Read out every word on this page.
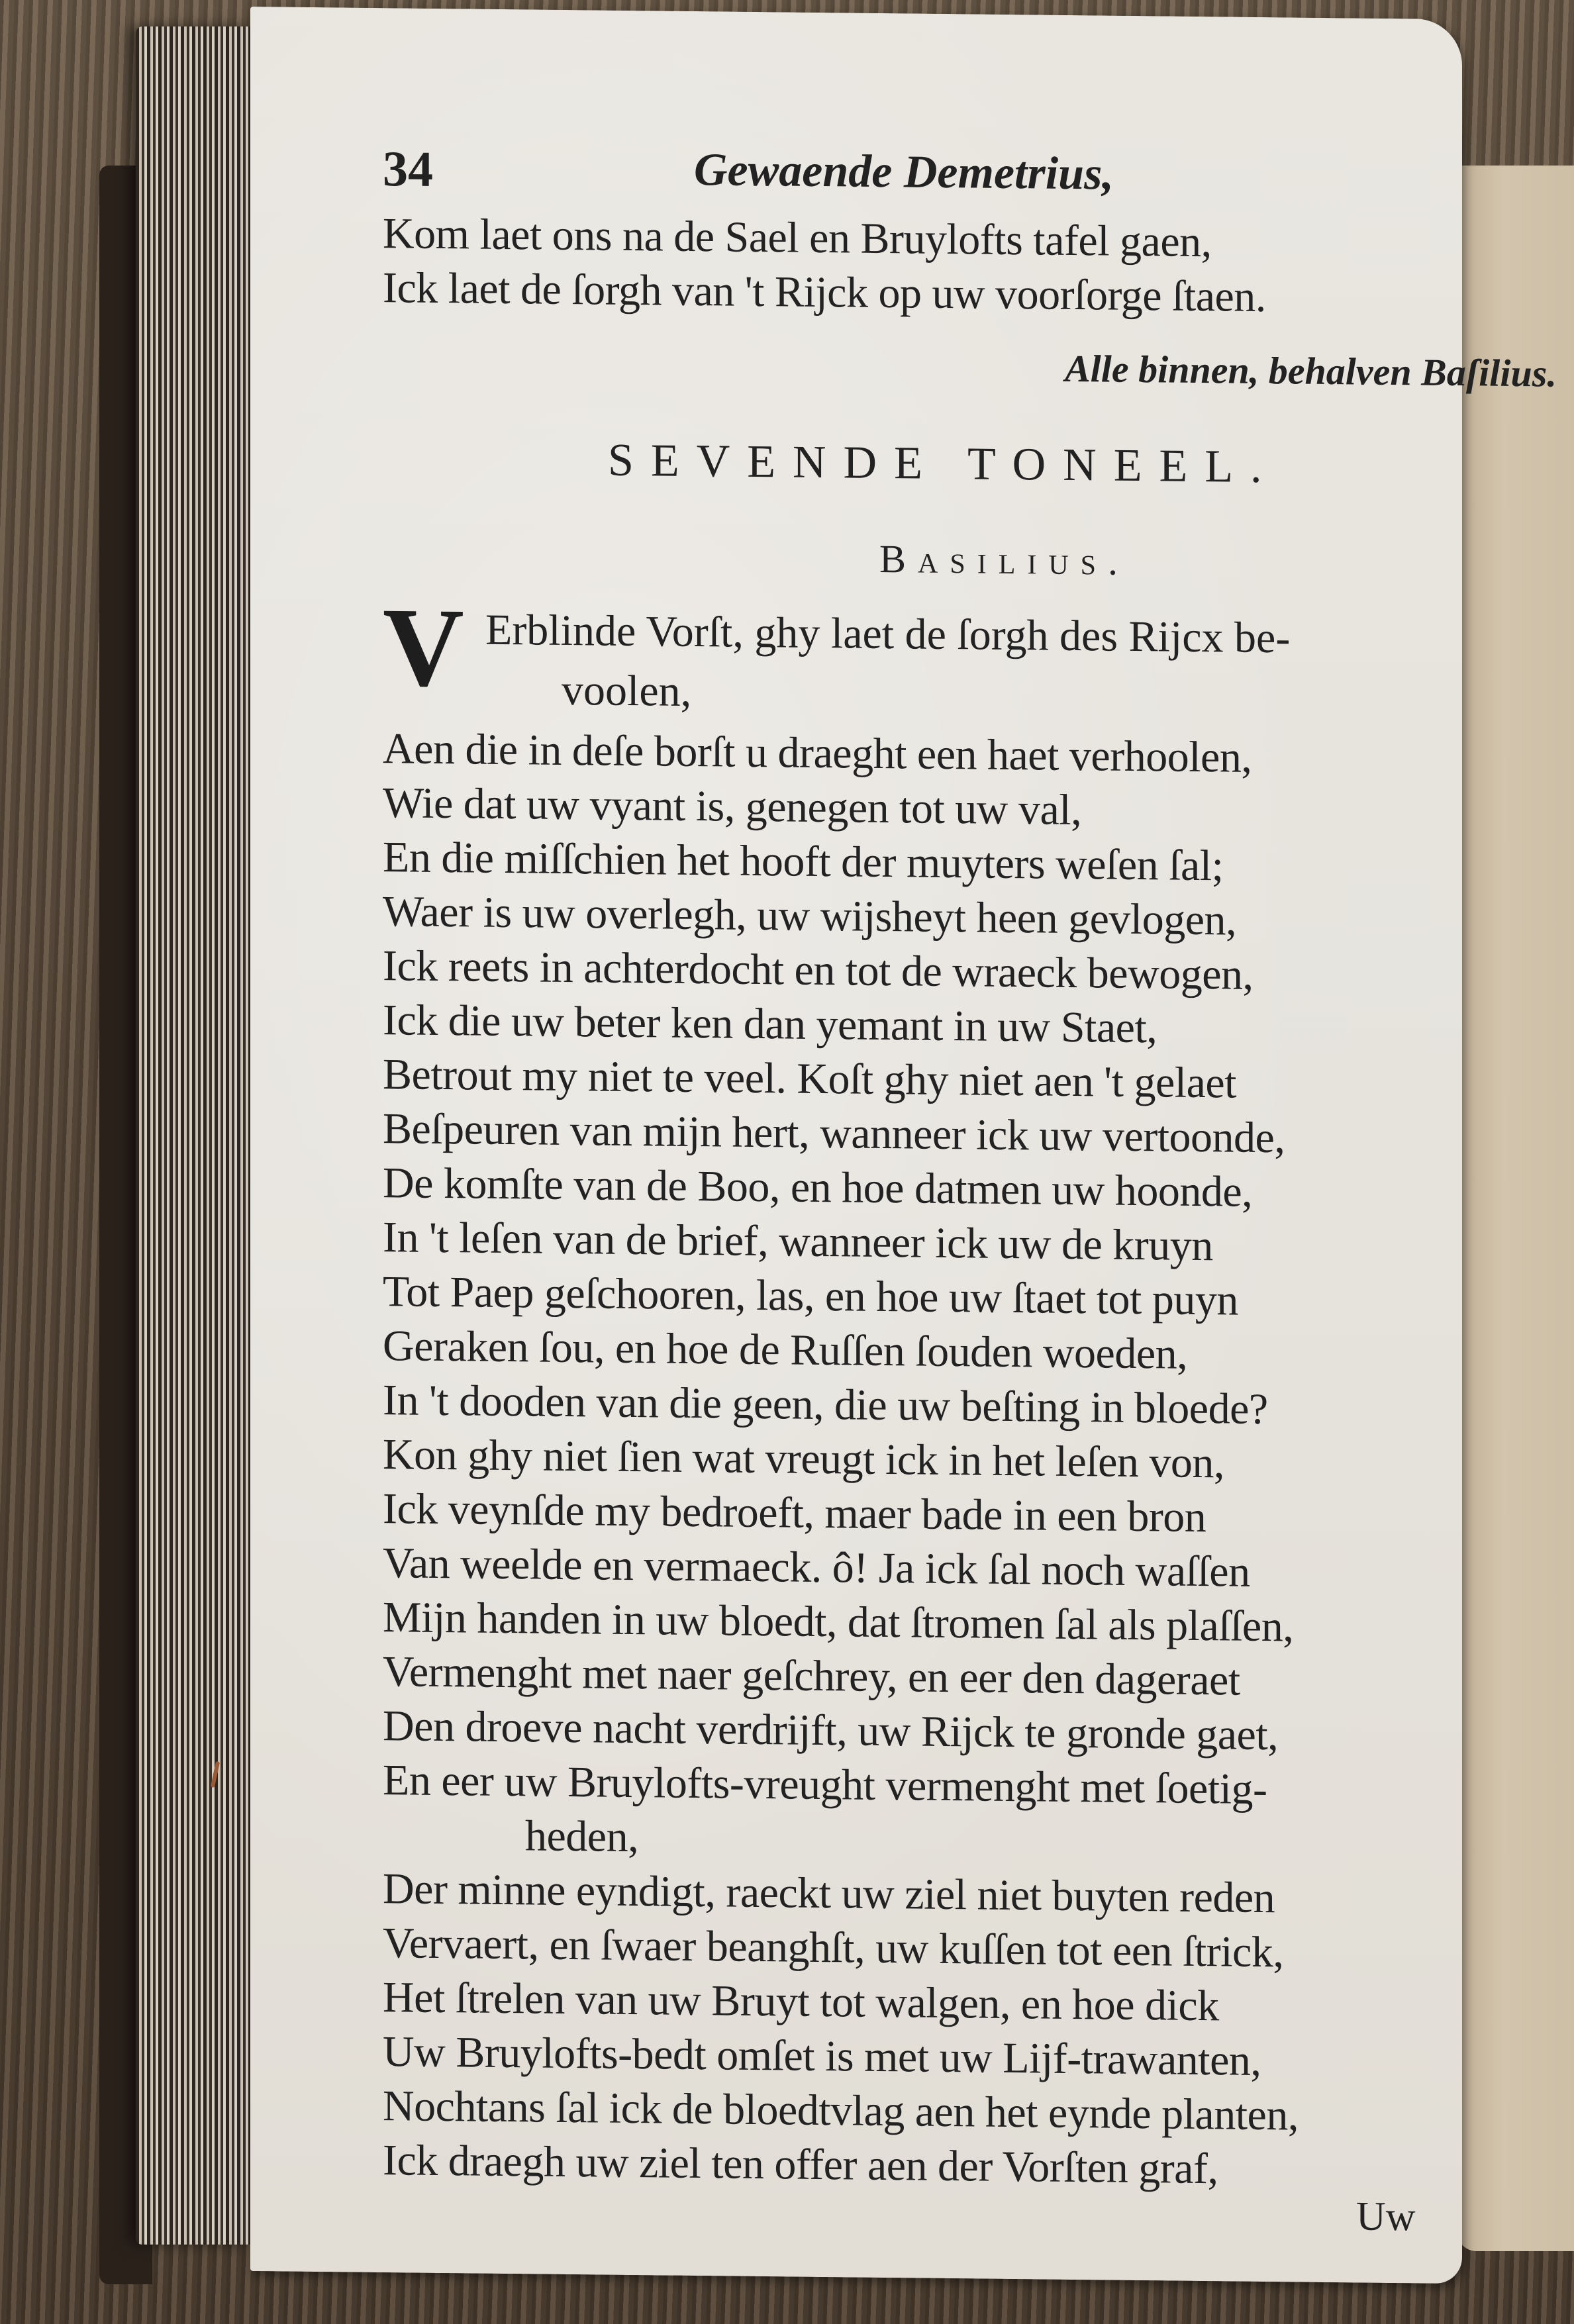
34	Gewaende Demetrius,
Kom laet ons na de Sael en Bruylofts tafel gaen,
Ick laet de ſorgh van 't Rijck op uw voorſorge ſtaen.
Alle binnen, behalven Baſilius.
SEVENDE TONEEL.
Basilius.
V Erblinde Vorſt, ghy laet de ſorgh des Rijcx be-
voolen,
Aen die in deſe borſt u draeght een haet verhoolen,
Wie dat uw vyant is, genegen tot uw val,
En die miſſchien het hooft der muyters weſen ſal;
Waer is uw overlegh, uw wijsheyt heen gevlogen,
Ick reets in achterdocht en tot de wraeck bewogen,
Ick die uw beter ken dan yemant in uw Staet,
Betrout my niet te veel. Koſt ghy niet aen 't gelaet
Beſpeuren van mijn hert, wanneer ick uw vertoonde,
De komſte van de Boo, en hoe datmen uw hoonde,
In 't leſen van de brief, wanneer ick uw de kruyn
Tot Paep geſchooren, las, en hoe uw ſtaet tot puyn
Geraken ſou, en hoe de Ruſſen ſouden woeden,
In 't dooden van die geen, die uw beſting in bloede?
Kon ghy niet ſien wat vreugt ick in het leſen von,
Ick veynſde my bedroeft, maer bade in een bron
Van weelde en vermaeck. ô! Ja ick ſal noch waſſen
Mijn handen in uw bloedt, dat ſtromen ſal als plaſſen,
Vermenght met naer geſchrey, en eer den dageraet
Den droeve nacht verdrijft, uw Rijck te gronde gaet,
En eer uw Bruylofts-vreught vermenght met ſoetig-
heden,
Der minne eyndigt, raeckt uw ziel niet buyten reden
Vervaert, en ſwaer beanghſt, uw kuſſen tot een ſtrick,
Het ſtrelen van uw Bruyt tot walgen, en hoe dick
Uw Bruylofts-bedt omſet is met uw Lijf-trawanten,
Nochtans ſal ick de bloedtvlag aen het eynde planten,
Ick draegh uw ziel ten offer aen der Vorſten graf,
Uw
